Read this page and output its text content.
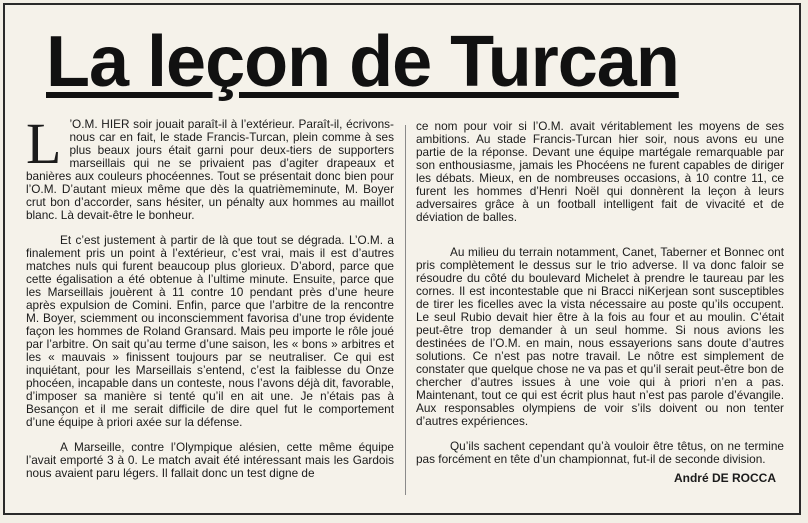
La leçon de Turcan

L ’O.M. HIER soir jouait paraît-il à l’extérieur. Paraît-il, écrivons-nous car en fait, le stade Francis-Turcan, plein comme à ses plus beaux jours était garni pour deux-tiers de supporters marseillais qui ne se privaient pas d’agiter drapeaux et banières aux couleurs phocéennes. Tout se présentait donc bien pour l’O.M. D’autant mieux même que dès la quatrièmeminute, M. Boyer crut bon d’accorder, sans hésiter, un pénalty aux hommes au maillot blanc. Là devait-être le bonheur.

Et c’est justement à partir de là que tout se dégrada. L’O.M. a finalement pris un point à l’extérieur, c’est vrai, mais il est d’autres matches nuls qui furent beaucoup plus glorieux. D’abord, parce que cette égalisation a été obtenue à l’ultime minute. Ensuite, parce que les Marseillais jouèrent à 11 contre 10 pendant près d’une heure après expulsion de Comini. Enfin, parce que l’arbitre de la rencontre M. Boyer, sciemment ou inconsciemment favorisa d’une trop évidente façon les hommes de Roland Gransard. Mais peu importe le rôle joué par l’arbitre. On sait qu’au terme d’une saison, les « bons » arbitres et les « mauvais » finissent toujours par se neutraliser. Ce qui est inquiétant, pour les Marseillais s’entend, c’est la faiblesse du Onze phocéen, incapable dans un conteste, nous l’avons déjà dit, favorable, d’imposer sa manière si tenté qu’il en ait une. Je n’étais pas à Besançon et il me serait difficile de dire quel fut le comportement d’une équipe à priori axée sur la défense.

A Marseille, contre l’Olympique alésien, cette même équipe l’avait emporté 3 à 0. Le match avait été intéressant mais les Gardois nous avaient paru légers. Il fallait donc un test digne de

ce nom pour voir si l’O.M. avait véritablement les moyens de ses ambitions. Au stade Francis-Turcan hier soir, nous avons eu une partie de la réponse. Devant une équipe martégale remarquable par son enthousiasme, jamais les Phocéens ne furent capables de diriger les débats. Mieux, en de nombreuses occasions, à 10 contre 11, ce furent les hommes d’Henri Noël qui donnèrent la leçon à leurs adversaires grâce à un football intelligent fait de vivacité et de déviation de balles.

Au milieu du terrain notamment, Canet, Taberner et Bonnec ont pris complètement le dessus sur le trio adverse. Il va donc faloir se résoudre du côté du boulevard Michelet à prendre le taureau par les cornes. Il est incontestable que ni Bracci niKerjean sont susceptibles de tirer les ficelles avec la vista nécessaire au poste qu’ils occupent. Le seul Rubio devait hier être à la fois au four et au moulin. C’était peut-être trop demander à un seul homme. Si nous avions les destinées de l’O.M. en main, nous essayerions sans doute d’autres solutions. Ce n’est pas notre travail. Le nôtre est simplement de constater que quelque chose ne va pas et qu’il serait peut-être bon de chercher d’autres issues à une voie qui à priori n’en a pas. Maintenant, tout ce qui est écrit plus haut n’est pas parole d’évangile. Aux responsables olympiens de voir s’ils doivent ou non tenter d’autres expériences.

Qu’ils sachent cependant qu’à vouloir être têtus, on ne termine pas forcément en tête d’un championnat, fut-il de seconde division.

André DE ROCCA
